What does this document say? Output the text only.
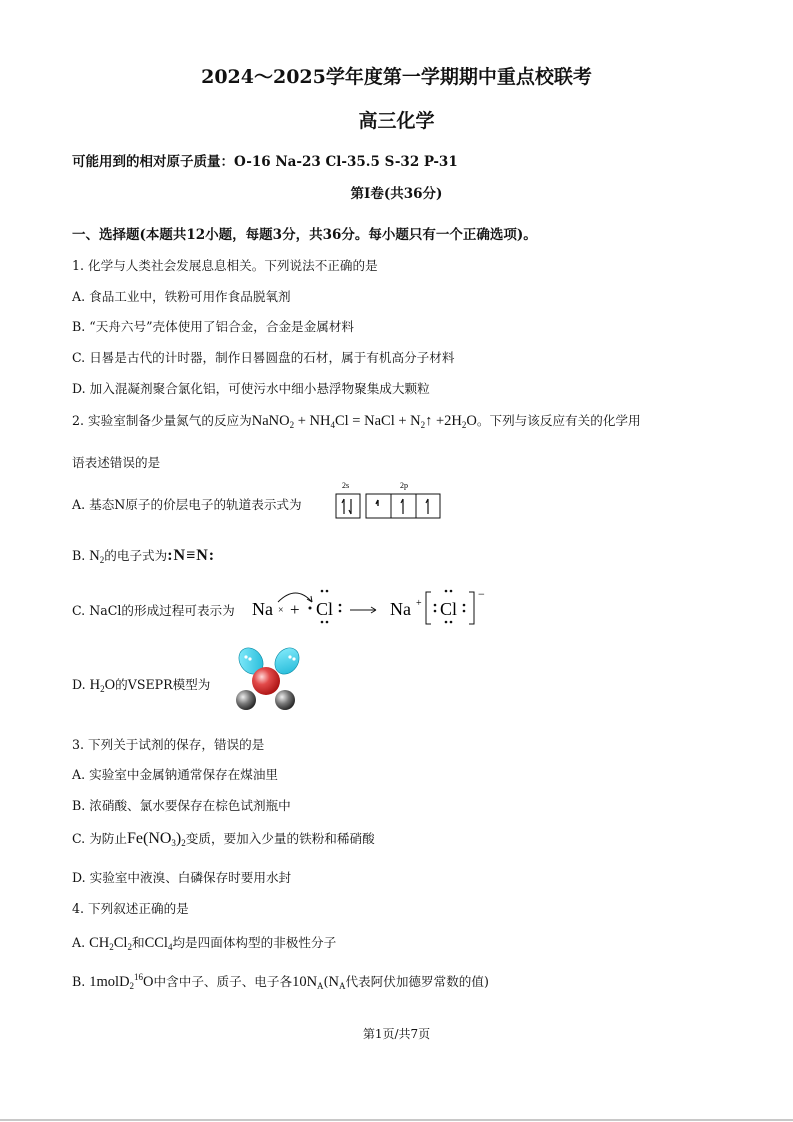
2024～2025学年度第一学期期中重点校联考
高三化学
可能用到的相对原子质量：O-16 Na-23 Cl-35.5 S-32 P-31
第Ⅰ卷(共36分)
一、选择题(本题共12小题，每题3分，共36分。每小题只有一个正确选项)。
1. 化学与人类社会发展息息相关。下列说法不正确的是
A. 食品工业中，铁粉可用作食品脱氧剂
B. “天舟六号”壳体使用了铝合金，合金是金属材料
C. 日晷是古代的计时器，制作日晷圆盘的石材，属于有机高分子材料
D. 加入混凝剂聚合氯化铝，可使污水中细小悬浮物聚集成大颗粒
2. 实验室制备少量氮气的反应为NaNO$_2$ + $NH_4Cl$ = NaCl + $N_2↑ +2H_2O$。下列与该反应有关的化学用
语表述错误的是
A. 基态N原子的价层电子的轨道表示式为
2s	2p
B. $N_2$的电子式为:N≡N:
C. NaCl的形成过程可表示为 Na × + Cl	Na + Cl
−
D. $H_2O$的VSEPR模型为
3. 下列关于试剂的保存，错误的是
A. 实验室中金属钠通常保存在煤油里
B. 浓硝酸、氯水要保存在棕色试剂瓶中
C. 为防止$Fe(NO_3)_2$变质，要加入少量的铁粉和稀硝酸
D. 实验室中液溴、白磷保存时要用水封
4. 下列叙述正确的是
A. $CH_2Cl_2$和CCl$_4$均是四面体构型的非极性分子
B. 1molD$_2^{16}$O中含中子、质子、电子各$10N_A(N_A$代表阿伏加德罗常数的值)
第1页/共7页
